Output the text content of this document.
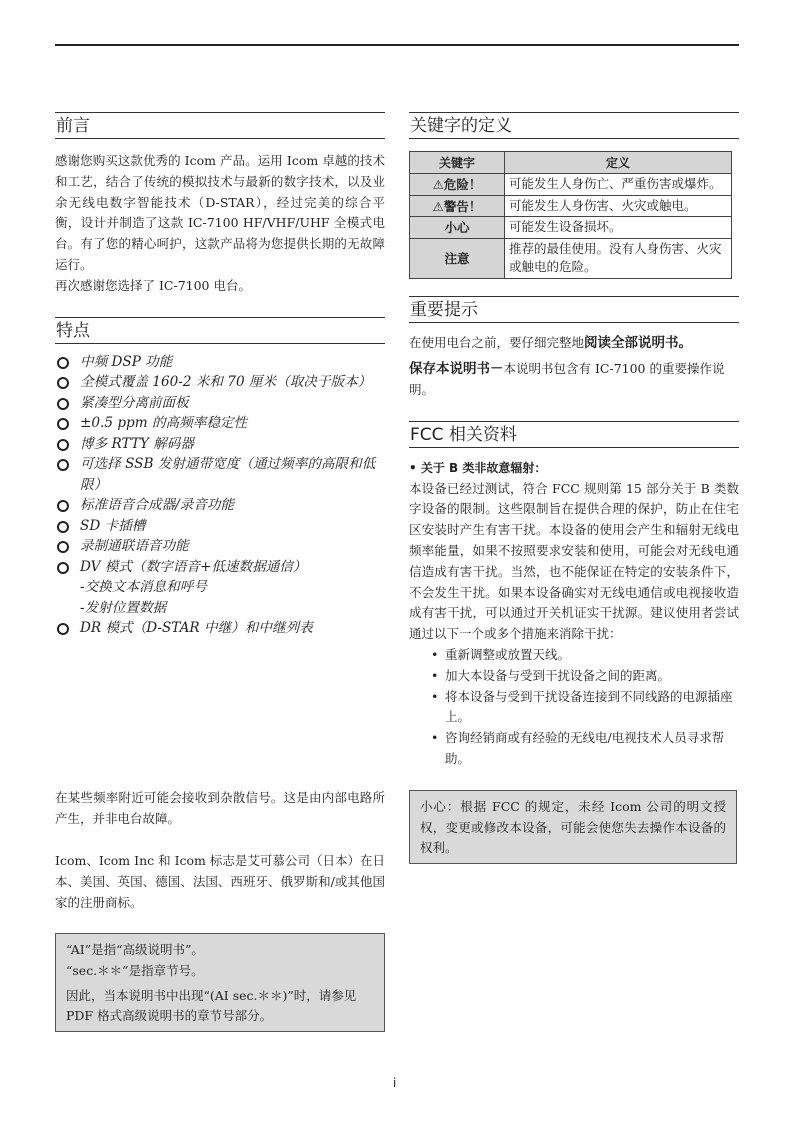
前言

感谢您购买这款优秀的 Icom 产品。运用 Icom 卓越的技术和工艺，结合了传统的模拟技术与最新的数字技术，以及业余无线电数字智能技术（D-STAR），经过完美的综合平衡，设计并制造了这款 IC-7100 HF/VHF/UHF 全模式电台。有了您的精心呵护，这款产品将为您提供长期的无故障运行。

再次感谢您选择了 IC-7100 电台。

特点
中频 DSP 功能
全模式覆盖 160-2 米和 70 厘米（取决于版本）
紧凑型分离前面板
±0.5 ppm 的高频率稳定性
博多 RTTY 解码器
可选择 SSB 发射通带宽度（通过频率的高限和低限）
标准语音合成器/录音功能
SD 卡插槽
录制通联语音功能
DV 模式（数字语音+低速数据通信）
-交换文本消息和呼号
-发射位置数据
DR 模式（D-STAR 中继）和中继列表

在某些频率附近可能会接收到杂散信号。这是由内部电路所产生，并非电台故障。

Icom、Icom Inc 和 Icom 标志是艾可慕公司（日本）在日本、美国、英国、德国、法国、西班牙、俄罗斯和/或其他国家的注册商标。

“AI”是指“高级说明书”。

“sec.＊＊”是指章节号。

因此，当本说明书中出现“(AI sec.＊＊)”时，请参见 PDF 格式高级说明书的章节号部分。

关键字的定义
关键字	定义
⚠危险！	可能发生人身伤亡、严重伤害或爆炸。
⚠警告！	可能发生人身伤害、火灾或触电。
小心	可能发生设备损坏。
注意	推荐的最佳使用。没有人身伤害、火灾或触电的危险。
重要提示

在使用电台之前，要仔细完整地阅读全部说明书。

保存本说明书－本说明书包含有 IC-7100 的重要操作说明。

FCC 相关资料

• 关于 B 类非故意辐射：

本设备已经过测试，符合 FCC 规则第 15 部分关于 B 类数字设备的限制。这些限制旨在提供合理的保护，防止在住宅区安装时产生有害干扰。本设备的使用会产生和辐射无线电频率能量，如果不按照要求安装和使用，可能会对无线电通信造成有害干扰。当然，也不能保证在特定的安装条件下，不会发生干扰。如果本设备确实对无线电通信或电视接收造成有害干扰，可以通过开关机证实干扰源。建议使用者尝试通过以下一个或多个措施来消除干扰：

• 重新调整或放置天线。
• 加大本设备与受到干扰设备之间的距离。
• 将本设备与受到干扰设备连接到不同线路的电源插座上。
• 咨询经销商或有经验的无线电/电视技术人员寻求帮助。

小心：根据 FCC 的规定，未经 Icom 公司的明文授权，变更或修改本设备，可能会使您失去操作本设备的权利。

i
